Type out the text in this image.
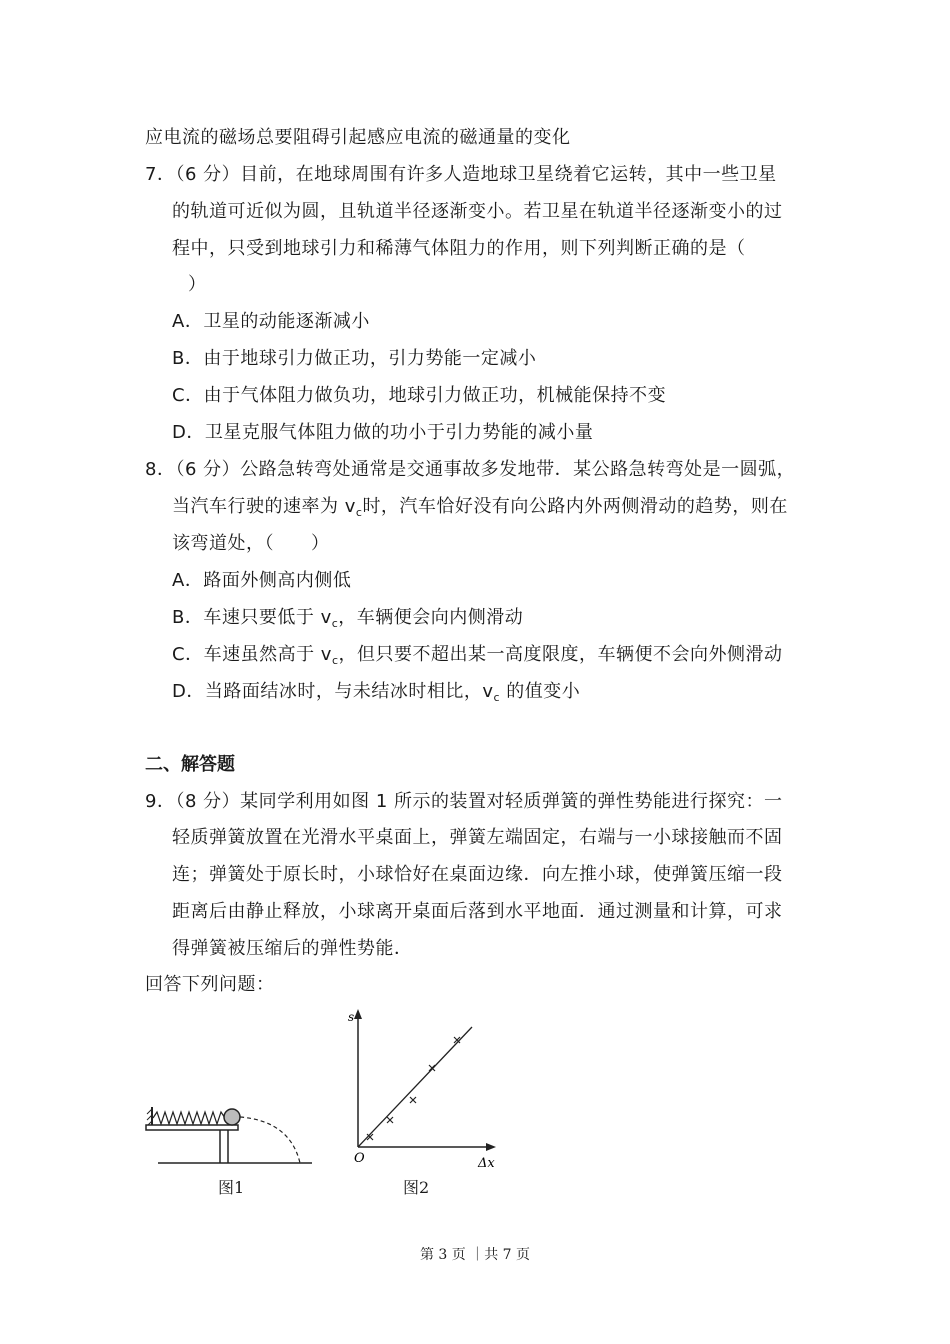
应电流的磁场总要阻碍引起感应电流的磁通量的变化
7．（6 分）目前，在地球周围有许多人造地球卫星绕着它运转，其中一些卫星
的轨道可近似为圆，且轨道半径逐渐变小。若卫星在轨道半径逐渐变小的过
程中，只受到地球引力和稀薄气体阻力的作用，则下列判断正确的是（
）
A．卫星的动能逐渐减小
B．由于地球引力做正功，引力势能一定减小
C．由于气体阻力做负功，地球引力做正功，机械能保持不变
D．卫星克服气体阻力做的功小于引力势能的减小量
8．（6 分）公路急转弯处通常是交通事故多发地带．某公路急转弯处是一圆弧，
当汽车行驶的速率为 $v_c$时，汽车恰好没有向公路内外两侧滑动的趋势，则在
该弯道处，（　　）
A．路面外侧高内侧低
B．车速只要低于 $v_c$，车辆便会向内侧滑动
C．车速虽然高于 $v_c$，但只要不超出某一高度限度，车辆便不会向外侧滑动
D．当路面结冰时，与未结冰时相比，$v_c$ 的值变小
二、解答题
9．（8 分）某同学利用如图 1 所示的装置对轻质弹簧的弹性势能进行探究：一
轻质弹簧放置在光滑水平桌面上，弹簧左端固定，右端与一小球接触而不固
连；弹簧处于原长时，小球恰好在桌面边缘．向左推小球，使弹簧压缩一段
距离后由静止释放，小球离开桌面后落到水平地面．通过测量和计算，可求
得弹簧被压缩后的弹性势能．
回答下列问题：
图1
s
Δx
O
图2
第 3 页 ｜共 7 页
